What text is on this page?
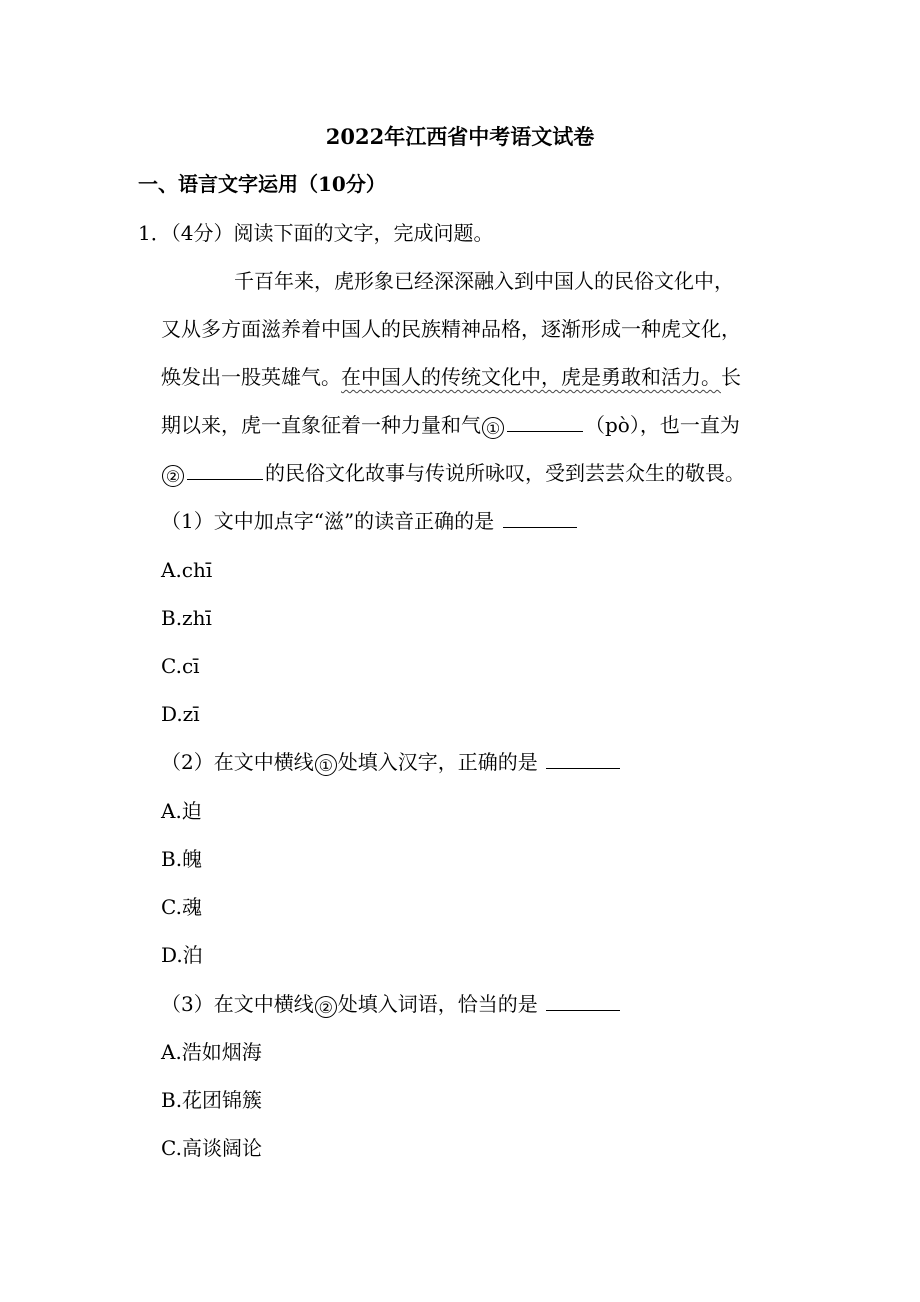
2022年江西省中考语文试卷
一、语言文字运用（10分）
1．（4分）阅读下面的文字，完成问题。
千百年来，虎形象已经深深融入到中国人的民俗文化中，
又从多方面滋养着中国人的民族精神品格，逐渐形成一种虎文化，
焕发出一股英雄气。在中国人的传统文化中，虎是勇敢和活力。长
期以来，虎一直象征着一种力量和气 ①	（pò），也一直为
②	的民俗文化故事与传说所咏叹，受到芸芸众生的敬畏。
（1）文中加点字“滋”的读音正确的是
A.chī
B.zhī
C.cī
D.zī
（2）在文中横线 ① 处填入汉字，正确的是
A.迫
B.魄
C.魂
D.泊
（3）在文中横线 ② 处填入词语，恰当的是
A.浩如烟海
B.花团锦簇
C.高谈阔论
